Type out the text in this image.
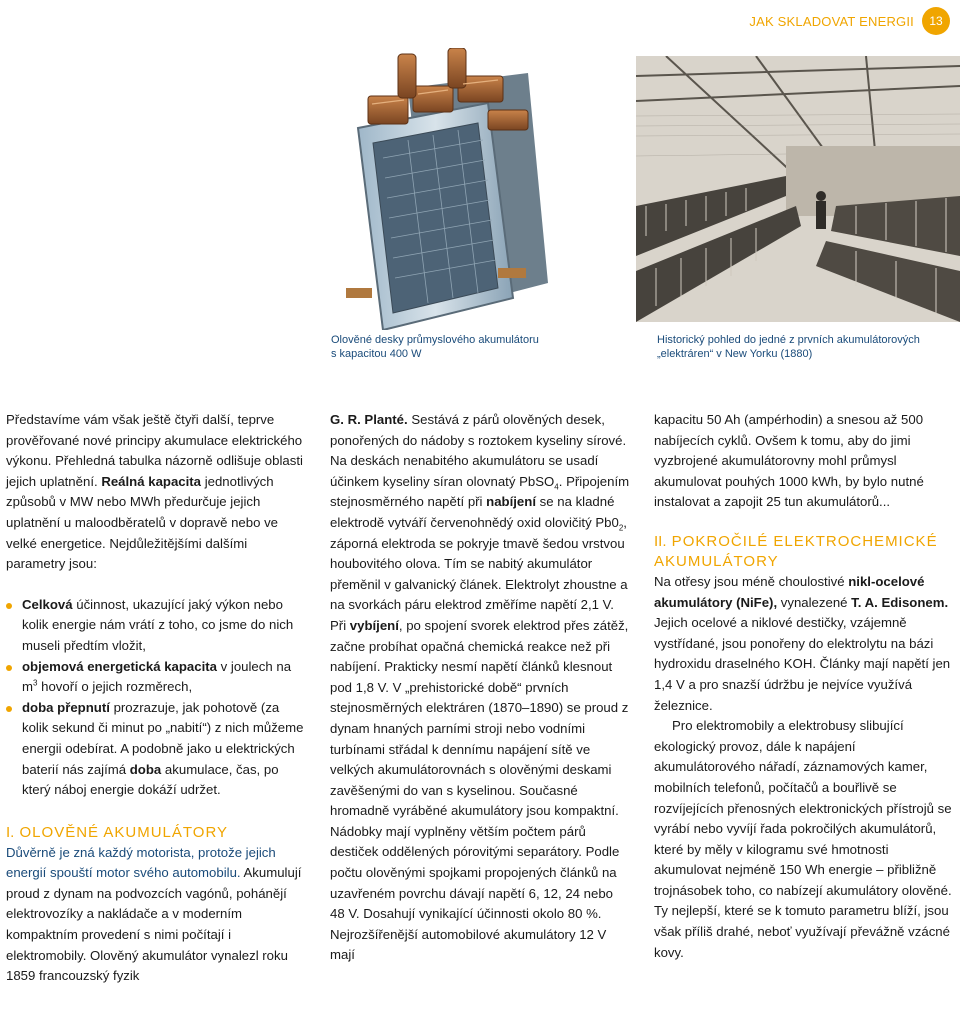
JAK SKLADOVAT ENERGII	13
Olověné desky průmyslového akumulátoru
s kapacitou 400 W
Historický pohled do jedné z prvních akumulátorových
„elektráren“ v New Yorku (1880)

Představíme vám však ještě čtyři další, teprve prověřované nové principy akumulace elektrického výkonu. Přehledná tabulka názorně odlišuje oblasti jejich uplatnění. Reálná kapacita jednotlivých způsobů v MW nebo MWh předurčuje jejich uplatnění u maloodběratelů v dopravě nebo ve velké energetice. Nejdůležitějšími dalšími parametry jsou:

Celková účinnost, ukazující jaký výkon nebo kolik energie nám vrátí z toho, co jsme do nich museli předtím vložit,
objemová energetická kapacita v joulech na $m^3$ hovoří o jejich rozměrech,
doba přepnutí prozrazuje, jak pohotově (za kolik sekund či minut po „nabití“) z nich můžeme energii odebírat. A podobně jako u elektrických baterií nás zajímá doba akumulace, čas, po který náboj energie dokáží udržet.
I. OLOVĚNÉ AKUMULÁTORY

Důvěrně je zná každý motorista, protože jejich energií spouští motor svého automobilu. Akumulují proud z dynam na podvozcích vagónů, pohánějí elektrovozíky a nakládače a v moderním kompaktním provedení s nimi počítají i elektromobily. Olověný akumulátor vynalezl roku 1859 francouzský fyzik

G. R. Planté. Sestává z párů olověných desek, ponořených do nádoby s roztokem kyseliny sírové. Na deskách nenabitého akumulátoru se usadí účinkem kyseliny síran olovnatý PbSO$_4$. Připojením stejnosměrného napětí při nabíjení se na kladné elektrodě vytváří červenohnědý oxid olovičitý $Pb0_2$, záporná elektroda se pokryje tmavě šedou vrstvou houbovitého olova. Tím se nabitý akumulátor přeměnil v galvanický článek. Elektrolyt zhoustne a na svorkách páru elektrod změříme napětí 2,1 V. Při vybíjení, po spojení svorek elektrod přes zátěž, začne probíhat opačná chemická reakce než při nabíjení. Prakticky nesmí napětí článků klesnout pod 1,8 V. V „prehistorické době“ prvních stejnosměrných elektráren (1870–1890) se proud z dynam hnaných parními stroji nebo vodními turbínami střádal k dennímu napájení sítě ve velkých akumulátorovnách s olověnými deskami zavěšenými do van s kyselinou. Současné hromadně vyráběné akumulátory jsou kompaktní. Nádobky mají vyplněny větším počtem párů destiček oddělených pórovitými separátory. Podle počtu olověnými spojkami propojených článků na uzavřeném povrchu dávají napětí 6, 12, 24 nebo 48 V. Dosahují vynikající účinnosti okolo 80 %. Nejrozšířenější automobilové akumulátory 12 V mají

kapacitu 50 Ah (ampérhodin) a snesou až 500 nabíjecích cyklů. Ovšem k tomu, aby do jimi vyzbrojené akumulátorovny mohl průmysl akumulovat pouhých 1000 kWh, by bylo nutné instalovat a zapojit 25 tun akumulátorů...

II. POKROČILÉ ELEKTROCHEMICKÉ AKUMULÁTORY

Na otřesy jsou méně choulostivé nikl-ocelové akumulátory (NiFe), vynalezené T. A. Edisonem. Jejich ocelové a niklové destičky, vzájemně vystřídané, jsou ponořeny do elektrolytu na bázi hydroxidu draselného KOH. Články mají napětí jen 1,4 V a pro snazší údržbu je nejvíce využívá železnice.

Pro elektromobily a elektrobusy slibující ekologický provoz, dále k napájení akumulátorového nářadí, záznamových kamer, mobilních telefonů, počítačů a bouřlivě se rozvíjejících přenosných elektronických přístrojů se vyrábí nebo vyvíjí řada pokročilých akumulátorů, které by měly v kilogramu své hmotnosti akumulovat nejméně 150 Wh energie – přibližně trojnásobek toho, co nabízejí akumulátory olověné. Ty nejlepší, které se k tomuto parametru blíží, jsou však příliš drahé, neboť využívají převážně vzácné kovy.
